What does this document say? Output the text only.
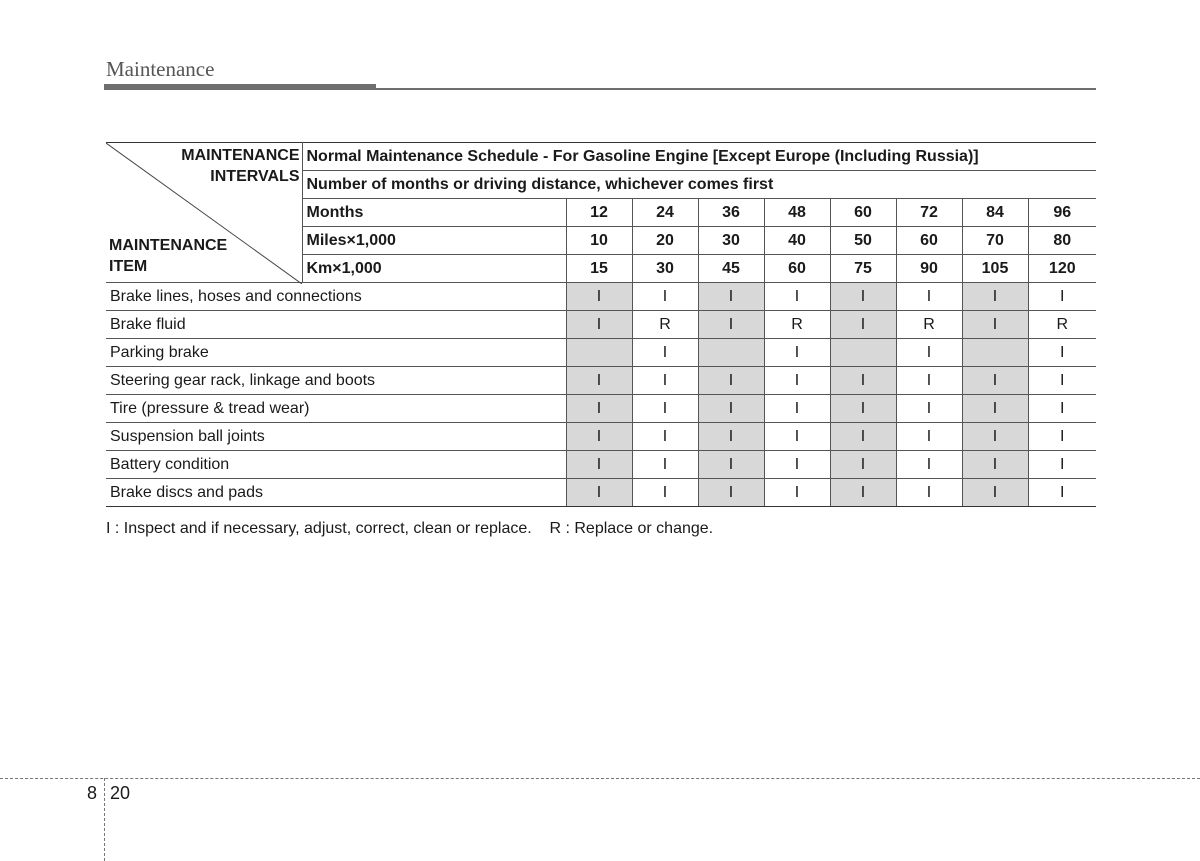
Maintenance
MAINTENANCE
INTERVALS
MAINTENANCE
ITEM	Normal Maintenance Schedule - For Gasoline Engine [Except Europe (Including Russia)]								
	Number of months or driving distance, whichever comes first								
	Months	12	24	36	48	60	72	84	96
	Miles×1,000	10	20	30	40	50	60	70	80
	Km×1,000	15	30	45	60	75	90	105	120
Brake lines, hoses and connections		I	I	I	I	I	I	I	I
Brake fluid		I	R	I	R	I	R	I	R
Parking brake			I		I		I		I
Steering gear rack, linkage and boots		I	I	I	I	I	I	I	I
Tire (pressure & tread wear)		I	I	I	I	I	I	I	I
Suspension ball joints		I	I	I	I	I	I	I	I
Battery condition		I	I	I	I	I	I	I	I
Brake discs and pads		I	I	I	I	I	I	I	I

I : Inspect and if necessary, adjust, correct, clean or replace. R : Replace or change.

8 20
